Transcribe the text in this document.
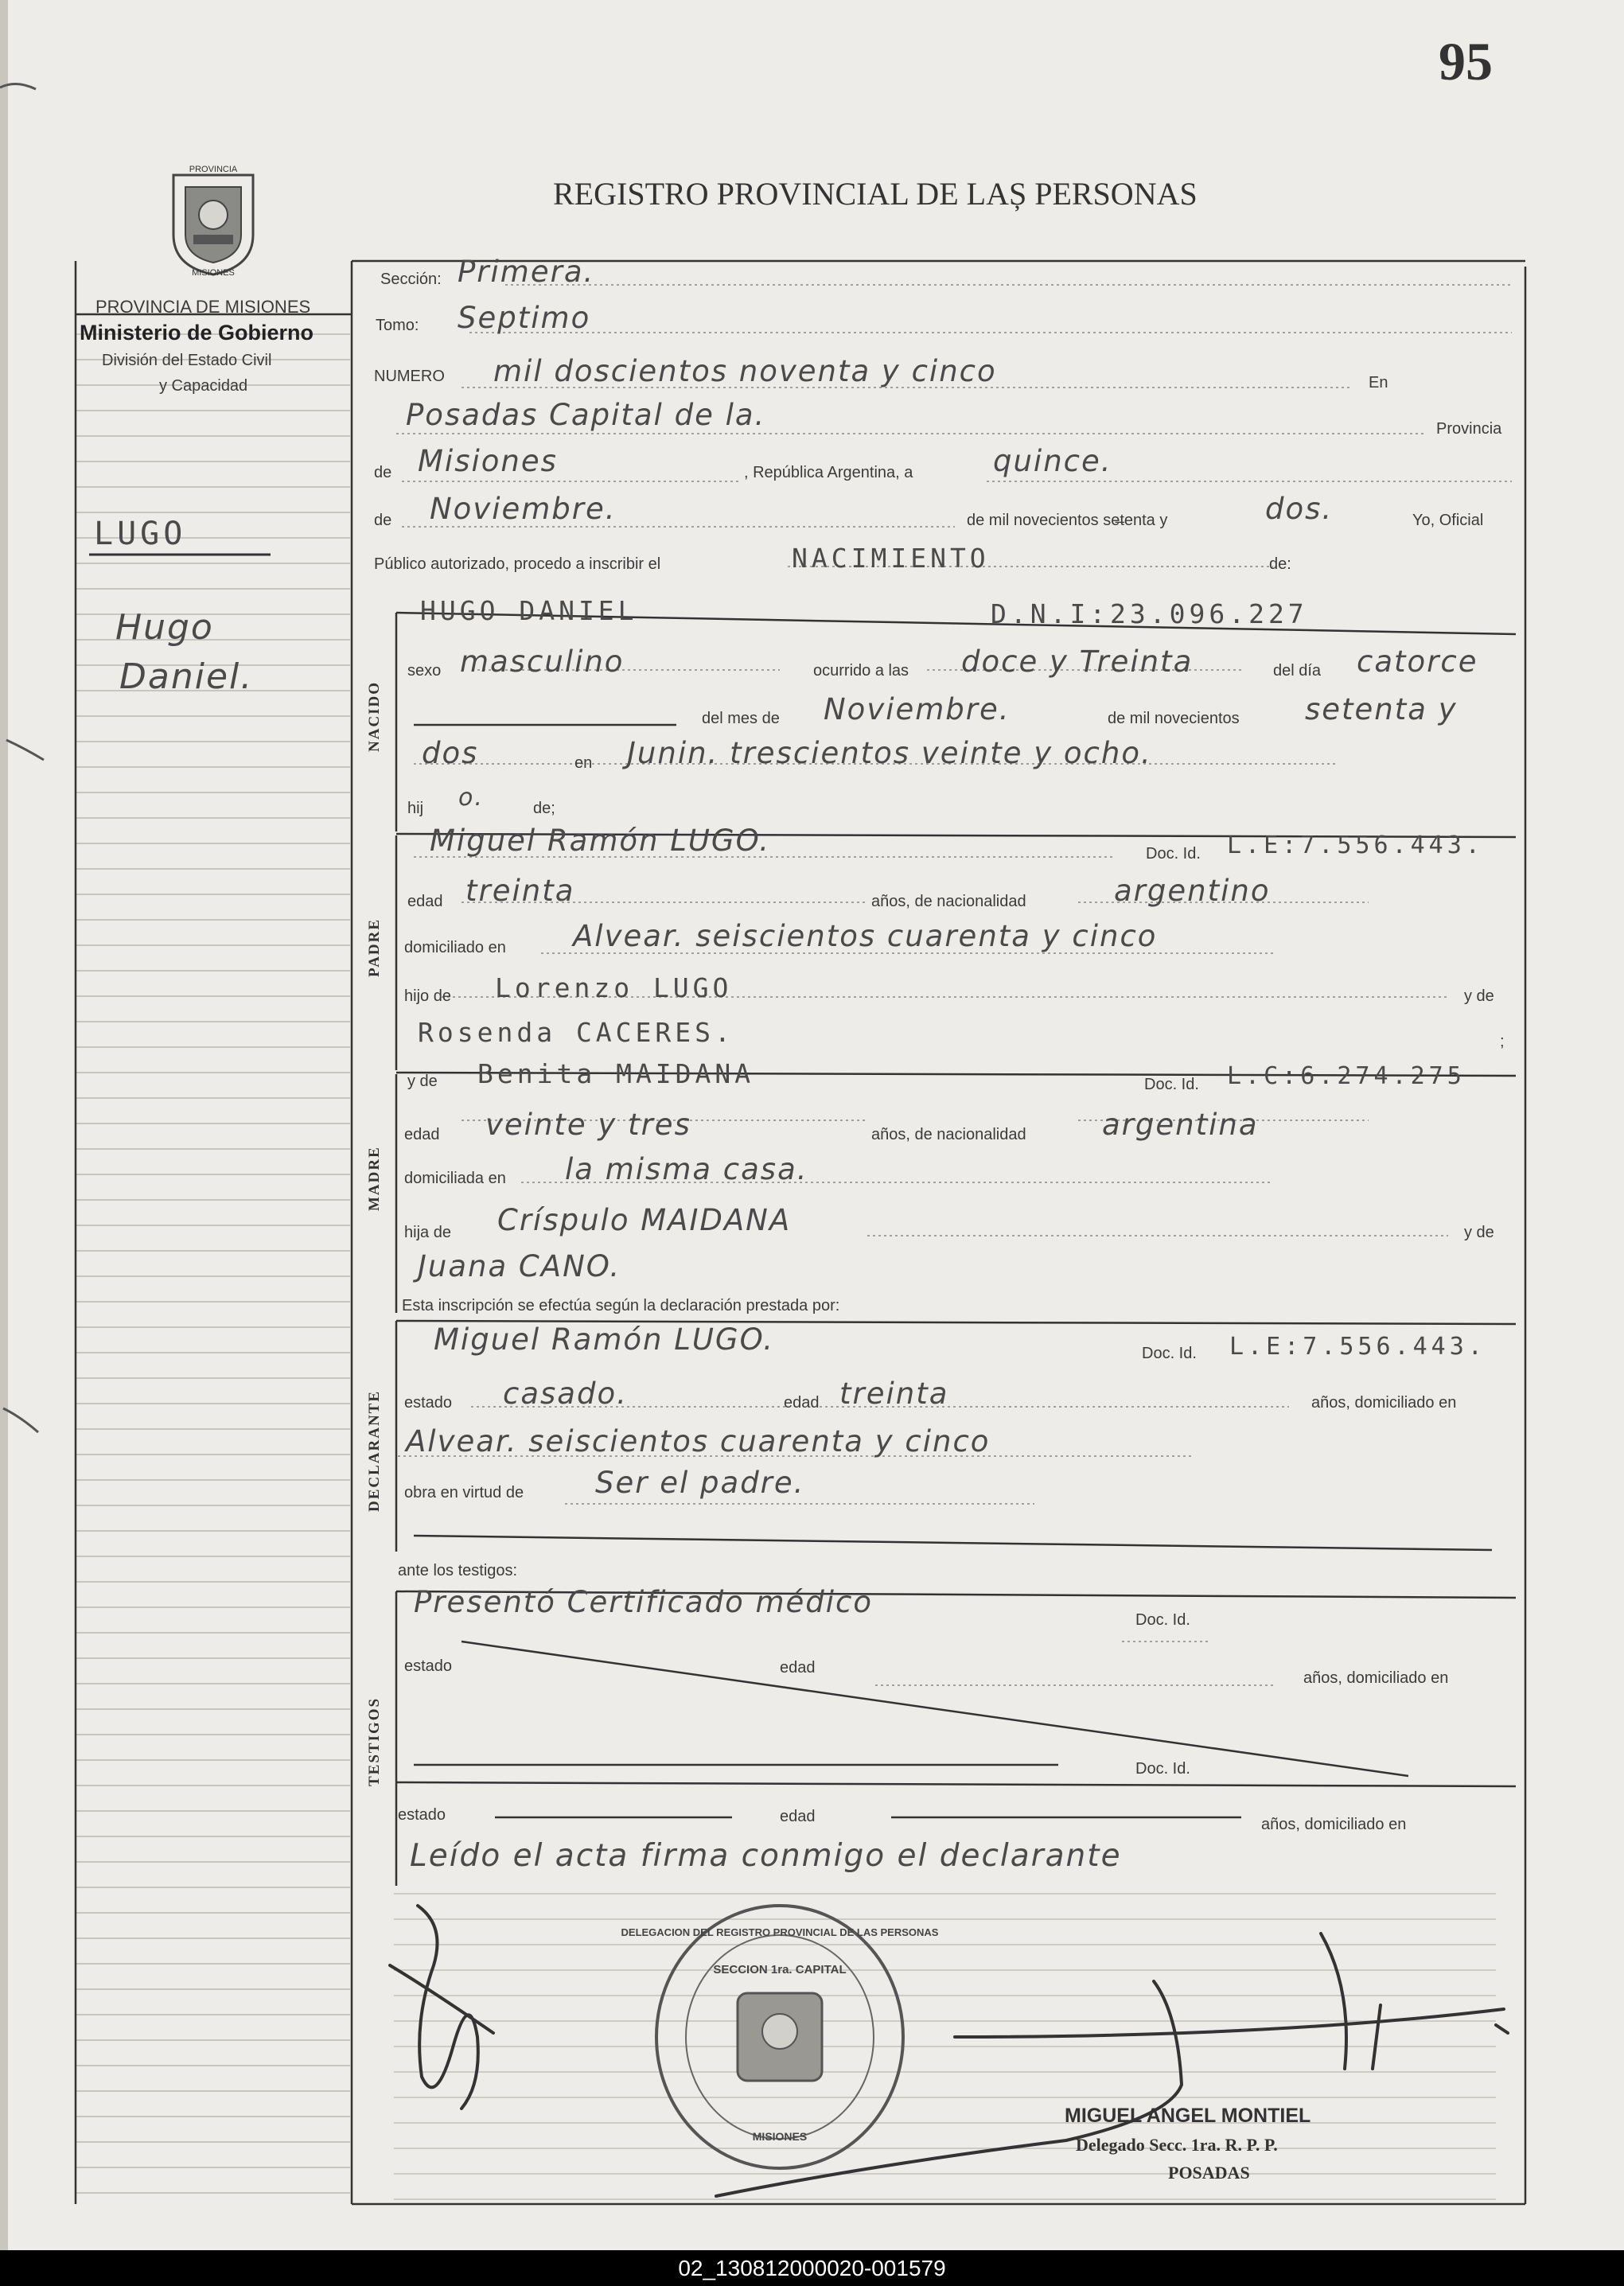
95
PROVINCIA
MISIONES
REGISTRO PROVINCIAL DE LAȘ PERSONAS
PROVINCIA DE MISIONES
Ministerio de Gobierno
División del Estado Civil
y Capacidad
LUGO
Hugo
Daniel.
NACIDO
PADRE
MADRE
DECLARANTE
TESTIGOS
Sección: Primera.
Tomo: Septimo
NUMERO mil doscientos noventa y cinco	En
Posadas Capital de la.	Provincia
de Misiones	, República Argentina, a	quince.
de Noviembre.	de mil novecientos se̶tenta y	dos.	Yo, Oficial
Público autorizado, procedo a inscribir el	NACIMIENTO	de:
HUGO DANIEL	D.N.I: 23.096.227
sexo masculino	ocurrido a las doce y Treinta	del día catorce
del mes de Noviembre.	de mil novecientos setenta y
dos	en Junin. trescientos veinte y ocho.
hij o.	de;
Miguel Ramón LUGO.	Doc. Id. L.E:7.556.443.
edad treinta	años, de nacionalidad	argentino
domiciliado en Alvear. seiscientos cuarenta y cinco
hijo de Lorenzo LUGO	y de
Rosenda CACERES.	;
y de Benita MAIDANA	Doc. Id. L.C:6.274.275
edad veinte y tres	años, de nacionalidad	argentina
domiciliada en la misma casa.
hija de Críspulo MAIDANA	y de
Juana CANO.
Esta inscripción se efectúa según la declaración prestada por:
Miguel Ramón LUGO.	Doc. Id. L.E:7.556.443.
estado casado.	edad treinta	años, domiciliado en
Alvear. seiscientos cuarenta y cinco
obra en virtud de Ser el padre.
ante los testigos:
Presentó Certificado médico
Doc. Id.
estado	edad
años, domiciliado en
Doc. Id.
estado	edad	años, domiciliado en
Leído el acta firma conmigo el declarante
DELEGACION DEL REGISTRO PROVINCIAL DE LAS PERSONAS
SECCION 1ra. CAPITAL
MISIONES
MIGUEL ANGEL MONTIEL
Delegado Secc. 1ra. R. P. P.
POSADAS
02_130812000020-001579
